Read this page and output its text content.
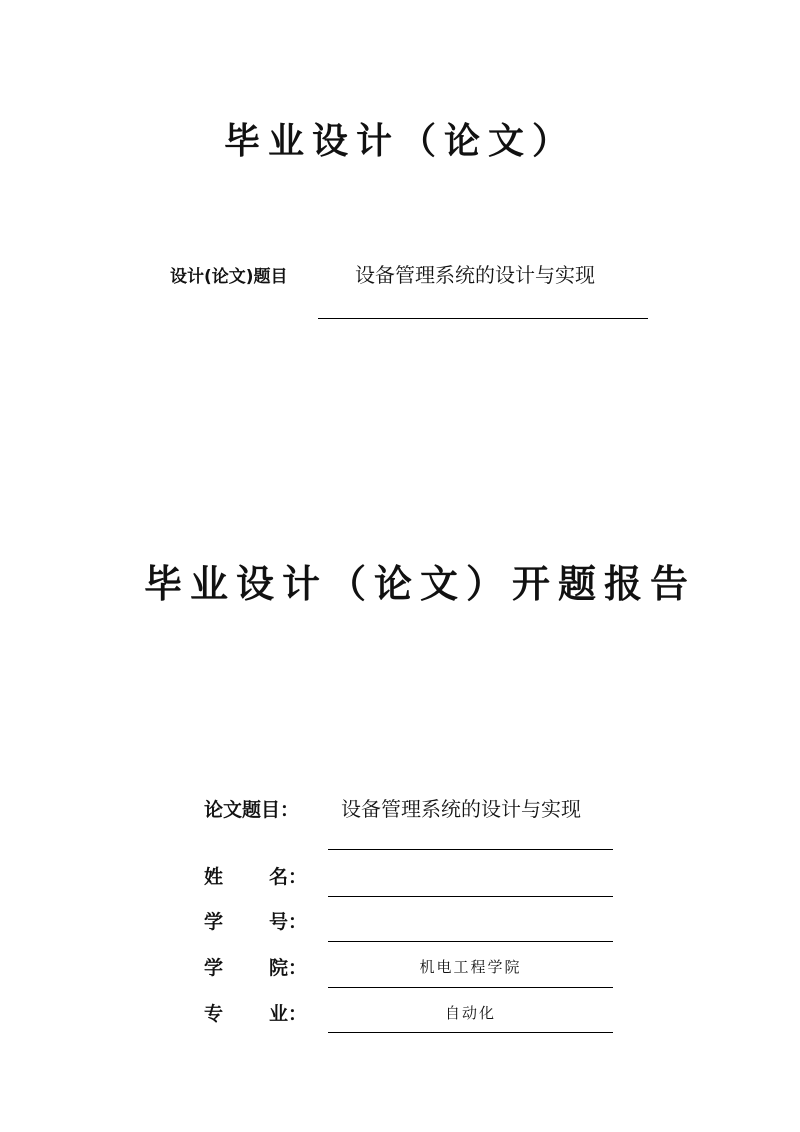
毕业设计（论文）
设计(论文)题目	设备管理系统的设计与实现
毕业设计（论文）开题报告
论文题目： 设备管理系统的设计与实现
姓 名：
学 号：
学 院：	机电工程学院
专 业：	自动化
